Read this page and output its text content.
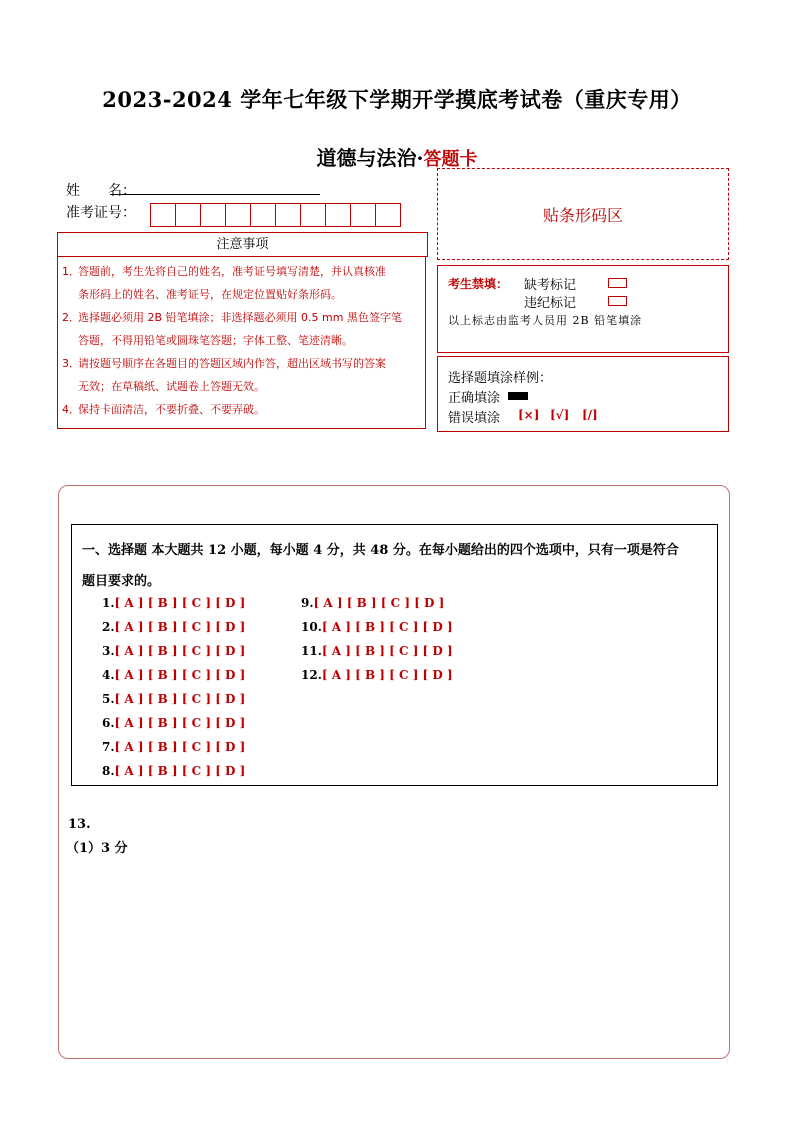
2023-2024 学年七年级下学期开学摸底考试卷（重庆专用）
道德与法治·答题卡
姓　　名：
准考证号：	贴条形码区
注意事项
1．答题前，考生先将自己的姓名，准考证号填写清楚，并认真核准
条形码上的姓名、准考证号，在规定位置贴好条形码。
2．选择题必须用 2B 铅笔填涂；非选择题必须用 0.5 mm 黑色签字笔
答题，不得用铅笔或圆珠笔答题；字体工整、笔迹清晰。
3．请按题号顺序在各题目的答题区域内作答，超出区域书写的答案
无效；在草稿纸、试题卷上答题无效。
4．保持卡面清洁，不要折叠、不要弄破。
考生禁填： 缺考标记
违纪标记
以上标志由监考人员用 2B 铅笔填涂
选择题填涂样例：
正确填涂
错误填涂 [×] [√] [/]
一、选择题 本大题共 12 小题，每小题 4 分，共 48 分。在每小题给出的四个选项中，只有一项是符合
题目要求的。
1.[ A ] [ B ] [ C ] [ D ]
2.[ A ] [ B ] [ C ] [ D ]
3.[ A ] [ B ] [ C ] [ D ]
4.[ A ] [ B ] [ C ] [ D ]
5.[ A ] [ B ] [ C ] [ D ]
6.[ A ] [ B ] [ C ] [ D ]
7.[ A ] [ B ] [ C ] [ D ]
8.[ A ] [ B ] [ C ] [ D ]
9.[ A ] [ B ] [ C ] [ D ]
10.[ A ] [ B ] [ C ] [ D ]
11.[ A ] [ B ] [ C ] [ D ]
12.[ A ] [ B ] [ C ] [ D ]
13.
（1）3 分
